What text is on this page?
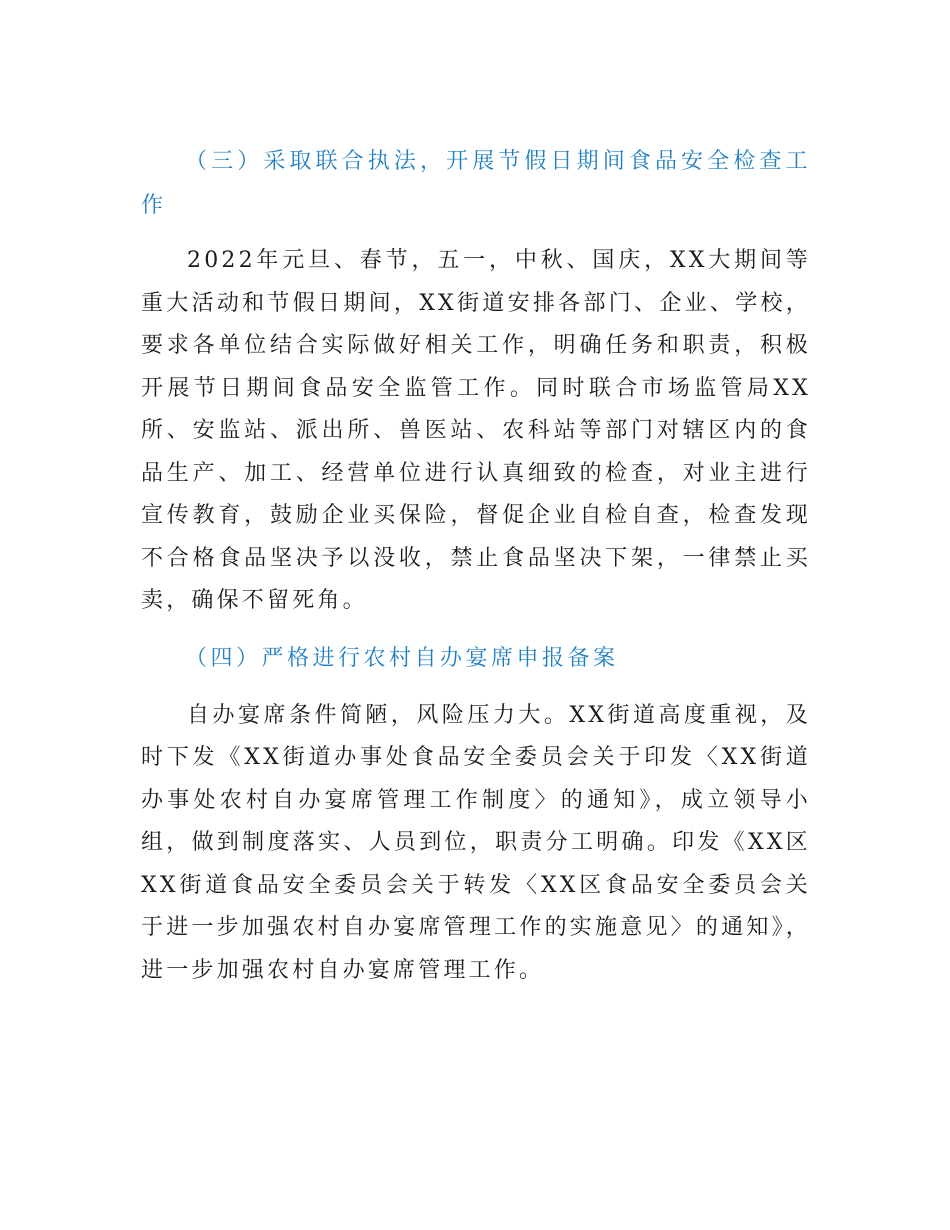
（三）采取联合执法，开展节假日期间食品安全检查工作

2022年元旦、春节，五一，中秋、国庆，XX大期间等重大活动和节假日期间，XX街道安排各部门、企业、学校，要求各单位结合实际做好相关工作，明确任务和职责，积极开展节日期间食品安全监管工作。同时联合市场监管局XX所、安监站、派出所、兽医站、农科站等部门对辖区内的食品生产、加工、经营单位进行认真细致的检查，对业主进行宣传教育，鼓励企业买保险，督促企业自检自查，检查发现不合格食品坚决予以没收，禁止食品坚决下架，一律禁止买卖，确保不留死角。

（四）严格进行农村自办宴席申报备案

自办宴席条件简陋，风险压力大。XX街道高度重视，及时下发《XX街道办事处食品安全委员会关于印发〈XX街道办事处农村自办宴席管理工作制度〉的通知》，成立领导小组，做到制度落实、人员到位，职责分工明确。印发《XX区XX街道食品安全委员会关于转发〈XX区食品安全委员会关于进一步加强农村自办宴席管理工作的实施意见〉的通知》，进一步加强农村自办宴席管理工作。
